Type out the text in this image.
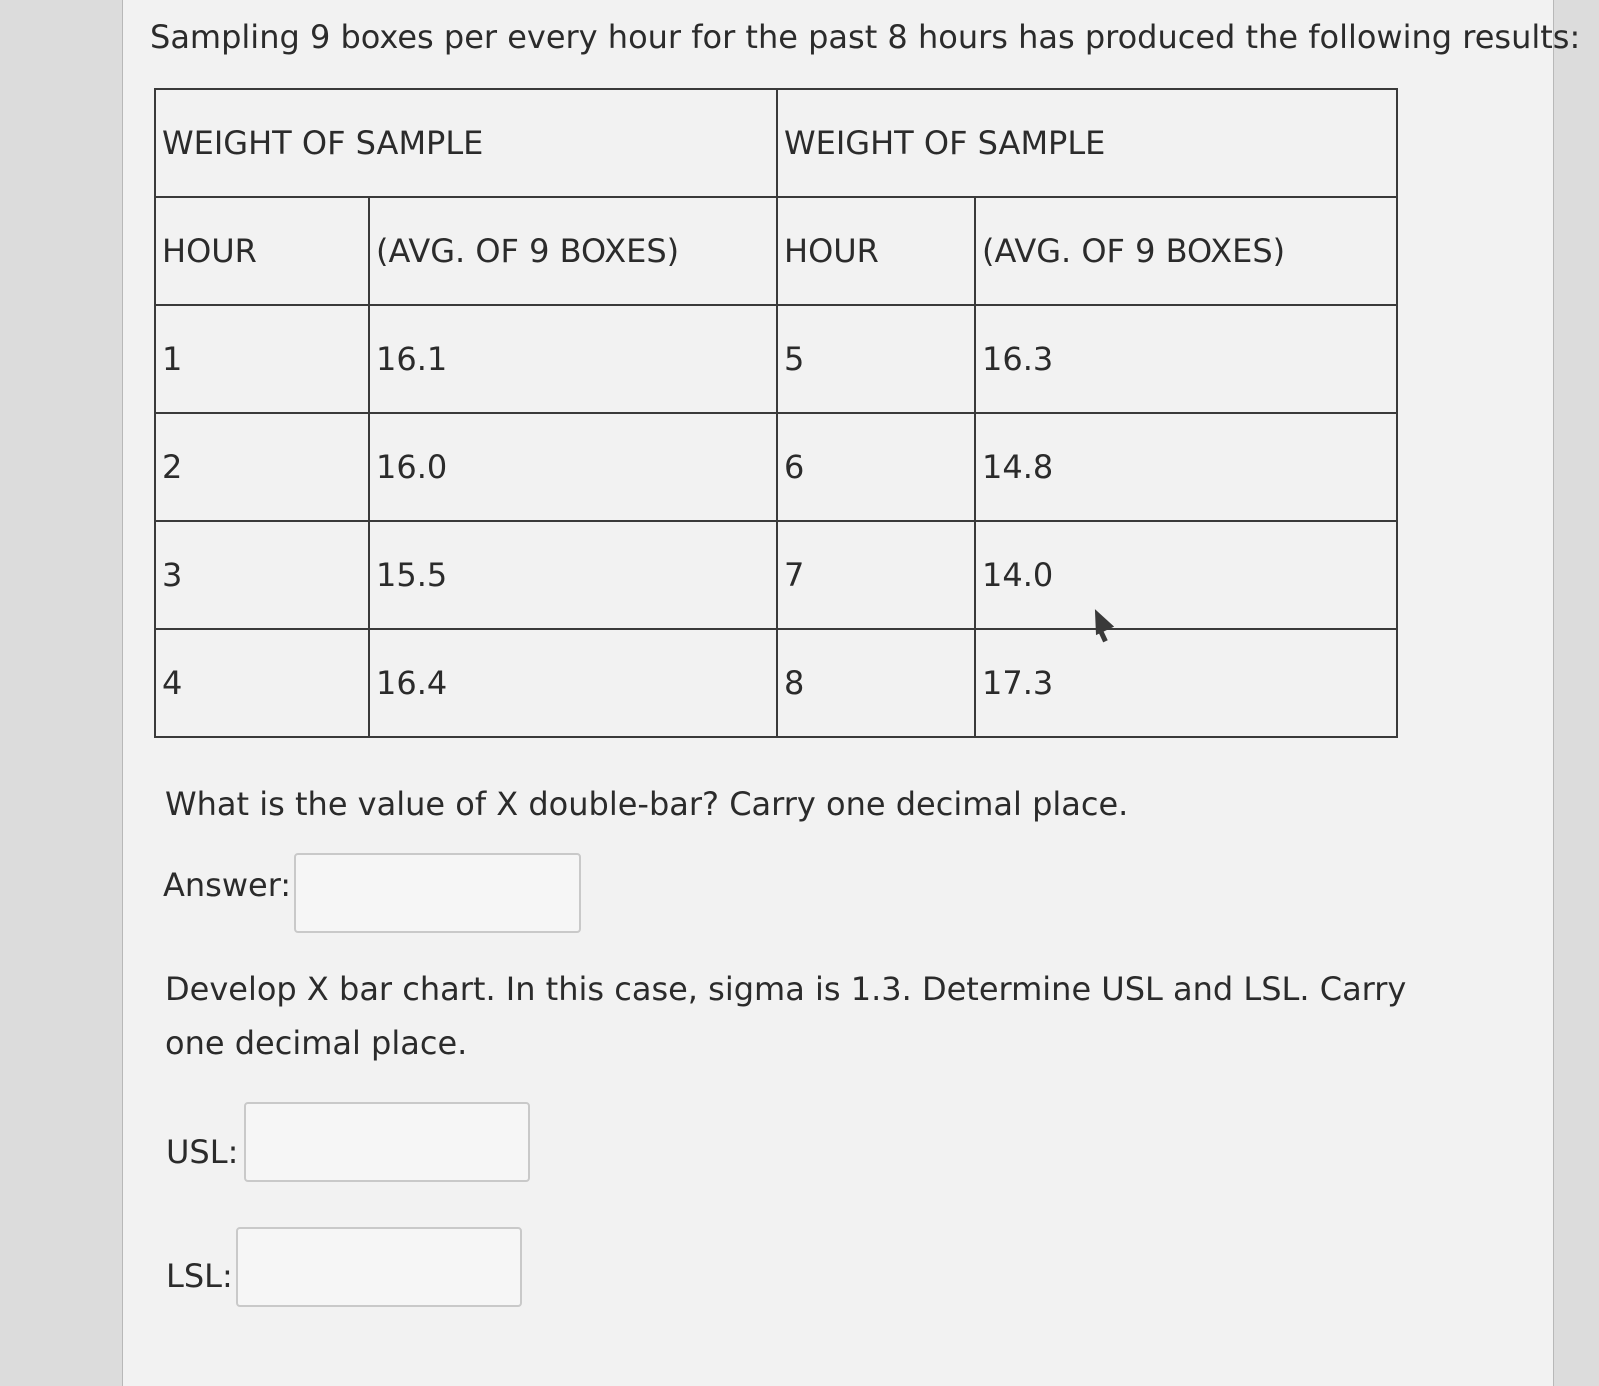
Sampling 9 boxes per every hour for the past 8 hours has produced the following results:

WEIGHT OF SAMPLE		WEIGHT OF SAMPLE	
HOUR	(AVG. OF 9 BOXES)	HOUR	(AVG. OF 9 BOXES)
1	16.1	5	16.3
2	16.0	6	14.8
3	15.5	7	14.0
4	16.4	8	17.3

What is the value of X double-bar? Carry one decimal place.

Answer:

Develop X bar chart. In this case, sigma is 1.3. Determine USL and LSL. Carry one decimal place.

USL:

LSL:
